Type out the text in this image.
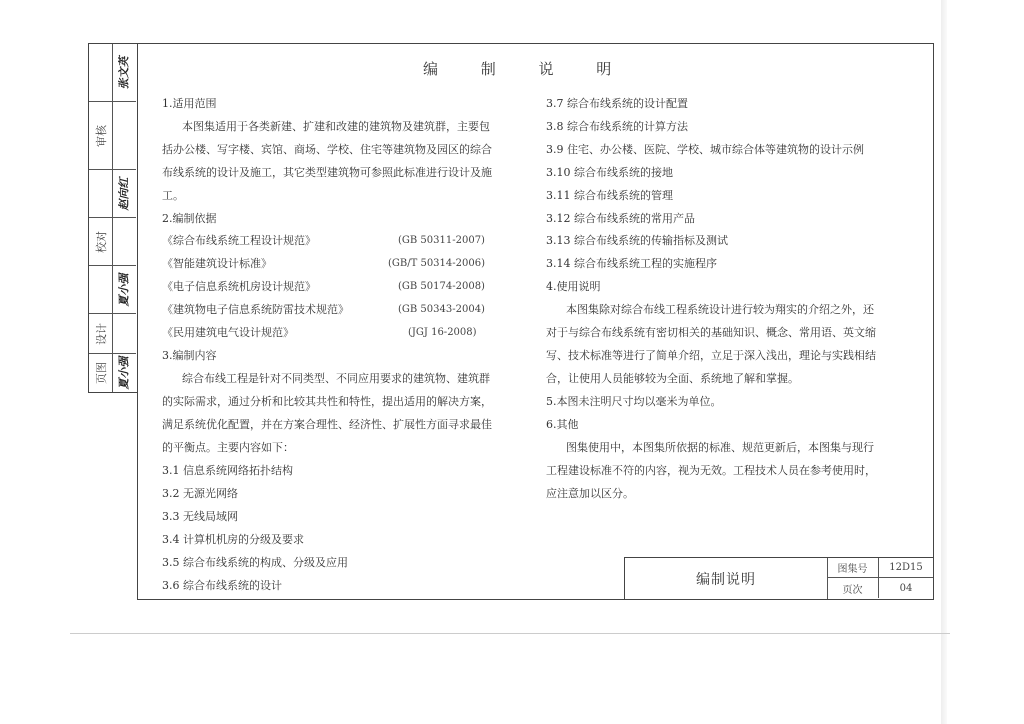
张文英
审核
赵向红
校对
夏小强
设计
页图 夏小强
编 制 说 明
1.适用范围
本图集适用于各类新建、扩建和改建的建筑物及建筑群，主要包
括办公楼、写字楼、宾馆、商场、学校、住宅等建筑物及园区的综合
布线系统的设计及施工，其它类型建筑物可参照此标准进行设计及施
工。
2.编制依据
《综合布线系统工程设计规范》	(GB 50311-2007)
《智能建筑设计标准》	(GB/T 50314-2006)
《电子信息系统机房设计规范》	(GB 50174-2008)
《建筑物电子信息系统防雷技术规范》	(GB 50343-2004)
《民用建筑电气设计规范》	(JGJ 16-2008)
3.编制内容
综合布线工程是针对不同类型、不同应用要求的建筑物、建筑群
的实际需求，通过分析和比较其共性和特性，提出适用的解决方案，
满足系统优化配置，并在方案合理性、经济性、扩展性方面寻求最佳
的平衡点。主要内容如下：
3.1 信息系统网络拓扑结构
3.2 无源光网络
3.3 无线局域网
3.4 计算机机房的分级及要求
3.5 综合布线系统的构成、分级及应用
3.6 综合布线系统的设计
3.7 综合布线系统的设计配置
3.8 综合布线系统的计算方法
3.9 住宅、办公楼、医院、学校、城市综合体等建筑物的设计示例
3.10 综合布线系统的接地
3.11 综合布线系统的管理
3.12 综合布线系统的常用产品
3.13 综合布线系统的传输指标及测试
3.14 综合布线系统工程的实施程序
4.使用说明
本图集除对综合布线工程系统设计进行较为翔实的介绍之外，还
对于与综合布线系统有密切相关的基础知识、概念、常用语、英文缩
写、技术标准等进行了简单介绍，立足于深入浅出，理论与实践相结
合，让使用人员能够较为全面、系统地了解和掌握。
5.本图未注明尺寸均以毫米为单位。
6.其他
图集使用中，本图集所依据的标准、规范更新后，本图集与现行
工程建设标准不符的内容，视为无效。工程技术人员在参考使用时，
应注意加以区分。
编制说明
图集号	12D15
页次	04
